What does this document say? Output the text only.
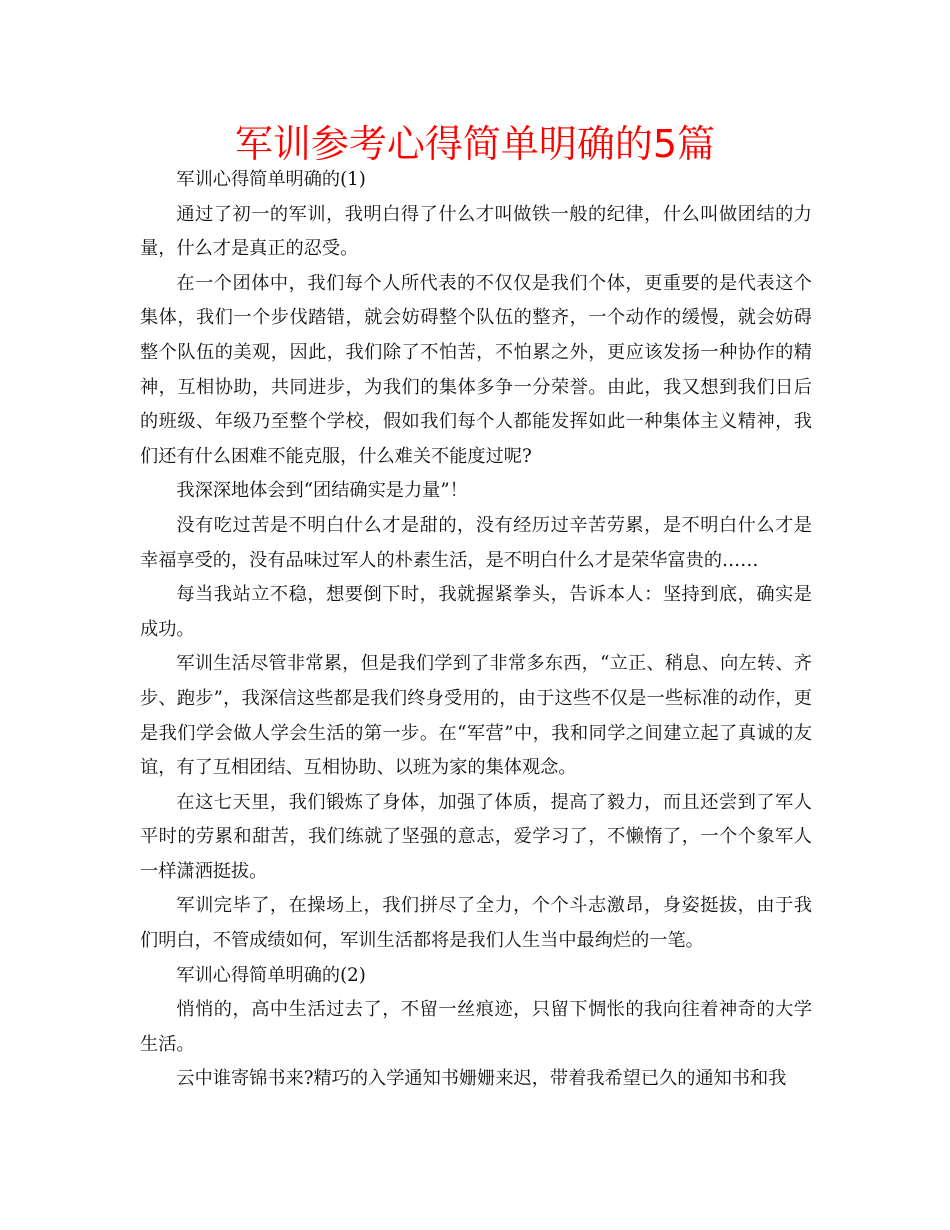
军训参考心得简单明确的5篇

军训心得简单明确的(1)

通过了初一的军训，我明白得了什么才叫做铁一般的纪律，什么叫做团结的力量，什么才是真正的忍受。

在一个团体中，我们每个人所代表的不仅仅是我们个体，更重要的是代表这个集体，我们一个步伐踏错，就会妨碍整个队伍的整齐，一个动作的缓慢，就会妨碍整个队伍的美观，因此，我们除了不怕苦，不怕累之外，更应该发扬一种协作的精神，互相协助，共同进步，为我们的集体多争一分荣誉。由此，我又想到我们日后的班级、年级乃至整个学校，假如我们每个人都能发挥如此一种集体主义精神，我们还有什么困难不能克服，什么难关不能度过呢?

我深深地体会到“团结确实是力量”！

没有吃过苦是不明白什么才是甜的，没有经历过辛苦劳累，是不明白什么才是幸福享受的，没有品味过军人的朴素生活，是不明白什么才是荣华富贵的……

每当我站立不稳，想要倒下时，我就握紧拳头，告诉本人：坚持到底，确实是成功。

军训生活尽管非常累，但是我们学到了非常多东西，“立正、稍息、向左转、齐步、跑步”，我深信这些都是我们终身受用的，由于这些不仅是一些标准的动作，更是我们学会做人学会生活的第一步。在“军营”中，我和同学之间建立起了真诚的友谊，有了互相团结、互相协助、以班为家的集体观念。

在这七天里，我们锻炼了身体，加强了体质，提高了毅力，而且还尝到了军人平时的劳累和甜苦，我们练就了坚强的意志，爱学习了，不懒惰了，一个个象军人一样潇洒挺拔。

军训完毕了，在操场上，我们拼尽了全力，个个斗志激昂，身姿挺拔，由于我们明白，不管成绩如何，军训生活都将是我们人生当中最绚烂的一笔。

军训心得简单明确的(2)

悄悄的，高中生活过去了，不留一丝痕迹，只留下惆怅的我向往着神奇的大学生活。

云中谁寄锦书来?精巧的入学通知书姗姗来迟，带着我希望已久的通知书和我
